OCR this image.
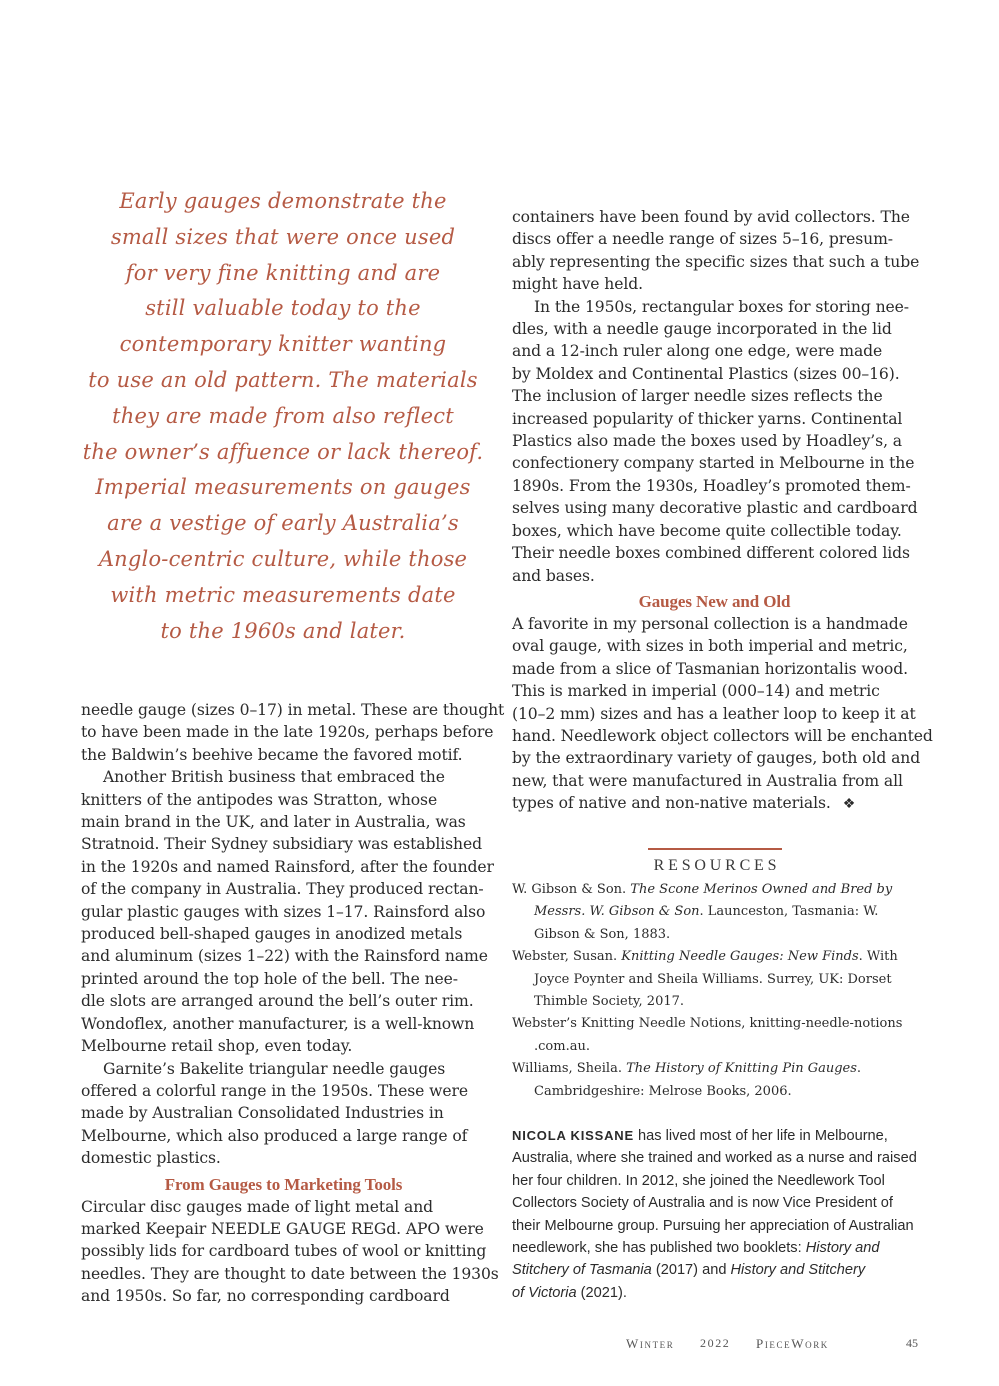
Early gauges demonstrate the
small sizes that were once used
for very fine knitting and are
still valuable today to the
contemporary knitter wanting
to use an old pattern. The materials
they are made from also reflect
the owner’s affuence or lack thereof.
Imperial measurements on gauges
are a vestige of early Australia’s
Anglo-centric culture, while those
with metric measurements date
to the 1960s and later.
needle gauge (sizes 0–17) in metal. These are thought
to have been made in the late 1920s, perhaps before
the Baldwin’s beehive became the favored motif.
Another British business that embraced the
knitters of the antipodes was Stratton, whose
main brand in the UK, and later in Australia, was
Stratnoid. Their Sydney subsidiary was established
in the 1920s and named Rainsford, after the founder
of the company in Australia. They produced rectan-
gular plastic gauges with sizes 1–17. Rainsford also
produced bell-shaped gauges in anodized metals
and aluminum (sizes 1–22) with the Rainsford name
printed around the top hole of the bell. The nee-
dle slots are arranged around the bell’s outer rim.
Wondoflex, another manufacturer, is a well-known
Melbourne retail shop, even today.
Garnite’s Bakelite triangular needle gauges
offered a colorful range in the 1950s. These were
made by Australian Consolidated Industries in
Melbourne, which also produced a large range of
domestic plastics.
From Gauges to Marketing Tools
Circular disc gauges made of light metal and
marked Keepair NEEDLE GAUGE REGd. APO were
possibly lids for cardboard tubes of wool or knitting
needles. They are thought to date between the 1930s
and 1950s. So far, no corresponding cardboard
containers have been found by avid collectors. The
discs offer a needle range of sizes 5–16, presum-
ably representing the specific sizes that such a tube
might have held.
In the 1950s, rectangular boxes for storing nee-
dles, with a needle gauge incorporated in the lid
and a 12-inch ruler along one edge, were made
by Moldex and Continental Plastics (sizes 00–16).
The inclusion of larger needle sizes reflects the
increased popularity of thicker yarns. Continental
Plastics also made the boxes used by Hoadley’s, a
confectionery company started in Melbourne in the
1890s. From the 1930s, Hoadley’s promoted them-
selves using many decorative plastic and cardboard
boxes, which have become quite collectible today.
Their needle boxes combined different colored lids
and bases.
Gauges New and Old
A favorite in my personal collection is a handmade
oval gauge, with sizes in both imperial and metric,
made from a slice of Tasmanian horizontalis wood.
This is marked in imperial (000–14) and metric
(10–2 mm) sizes and has a leather loop to keep it at
hand. Needlework object collectors will be enchanted
by the extraordinary variety of gauges, both old and
new, that were manufactured in Australia from all
types of native and non-native materials. ❖
RESOURCES
W. Gibson & Son. The Scone Merinos Owned and Bred by
Messrs. W. Gibson & Son. Launceston, Tasmania: W.
Gibson & Son, 1883.
Webster, Susan. Knitting Needle Gauges: New Finds. With
Joyce Poynter and Sheila Williams. Surrey, UK: Dorset
Thimble Society, 2017.
Webster’s Knitting Needle Notions, knitting-needle-notions
.com.au.
Williams, Sheila. The History of Knitting Pin Gauges.
Cambridgeshire: Melrose Books, 2006.
NICOLA KISSANE has lived most of her life in Melbourne,
Australia, where she trained and worked as a nurse and raised
her four children. In 2012, she joined the Needlework Tool
Collectors Society of Australia and is now Vice President of
their Melbourne group. Pursuing her appreciation of Australian
needlework, she has published two booklets: History and
Stitchery of Tasmania (2017) and History and Stitchery
of Victoria (2021).
Winter 2022 PieceWork	45
